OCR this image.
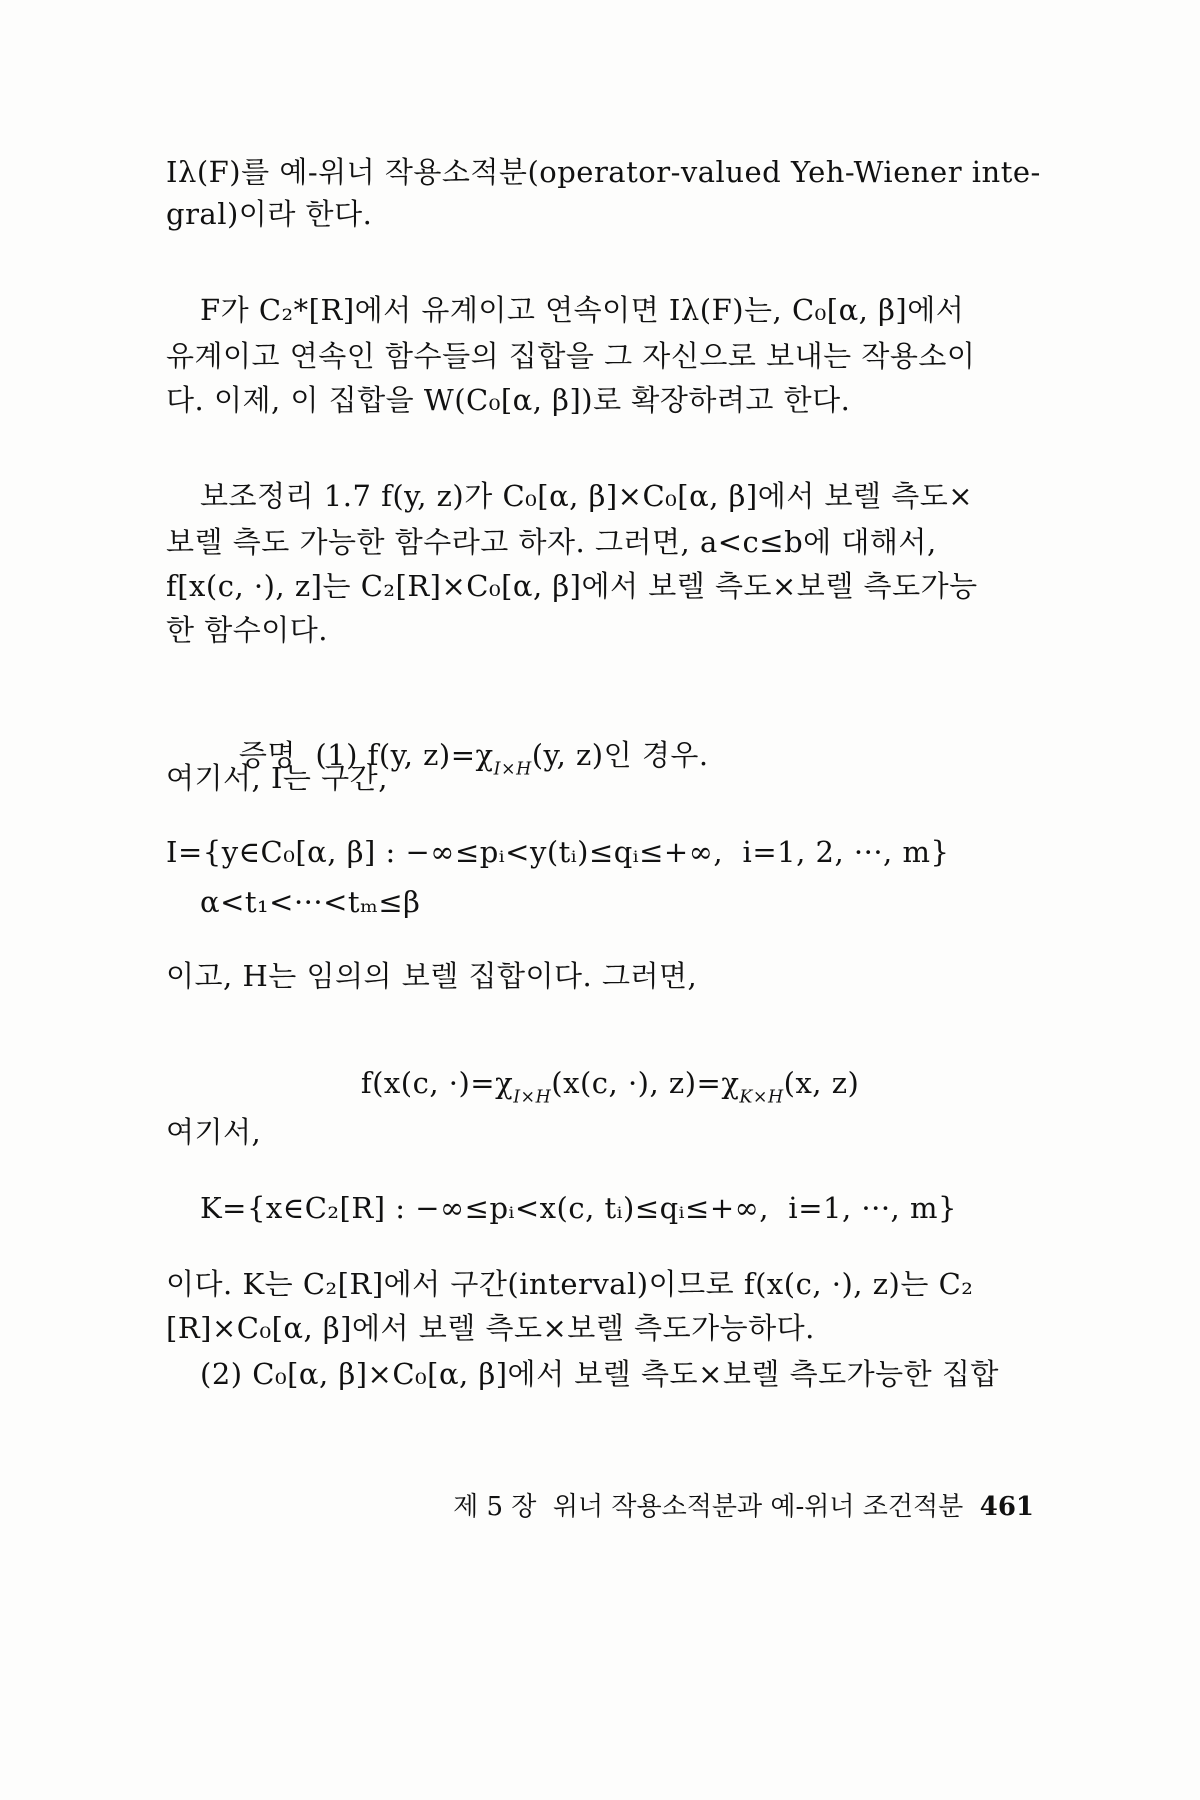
Iλ(F)를 예-위너 작용소적분(operator-valued Yeh-Wiener inte-
gral)이라 한다.
F가 C₂*[R]에서 유계이고 연속이면 Iλ(F)는, C₀[α, β]에서
유계이고 연속인 함수들의 집합을 그 자신으로 보내는 작용소이
다. 이제, 이 집합을 W(C₀[α, β])로 확장하려고 한다.
보조정리 1.7 f(y, z)가 C₀[α, β]×C₀[α, β]에서 보렐 측도×
보렐 측도 가능한 함수라고 하자. 그러면, a<c≤b에 대해서,
f[x(c, ·), z]는 C₂[R]×C₀[α, β]에서 보렐 측도×보렐 측도가능
한 함수이다.

증명  (1) f(y, $z)=\chi_{I\times H}(y$, z)인 경우.

여기서, I는 구간,
I={y∈C₀[α, β] : −∞≤pᵢ<y(tᵢ)≤qᵢ≤+∞,  i=1, 2, ···, m}
α<t₁<···<tₘ≤β
이고, H는 임의의 보렐 집합이다. 그러면,

f(x(c, $\cdot)=\chi_{I\times H}(x(c$, ·), $z)=\chi_{K\times H}(x$, z)

여기서,
K={x∈C₂[R] : −∞≤pᵢ<x(c, tᵢ)≤qᵢ≤+∞,  i=1, ···, m}
이다. K는 C₂[R]에서 구간(interval)이므로 f(x(c, ·), z)는 C₂
[R]×C₀[α, β]에서 보렐 측도×보렐 측도가능하다.
(2) C₀[α, β]×C₀[α, β]에서 보렐 측도×보렐 측도가능한 집합

제 5 장  위너 작용소적분과 예-위너 조건적분 461
